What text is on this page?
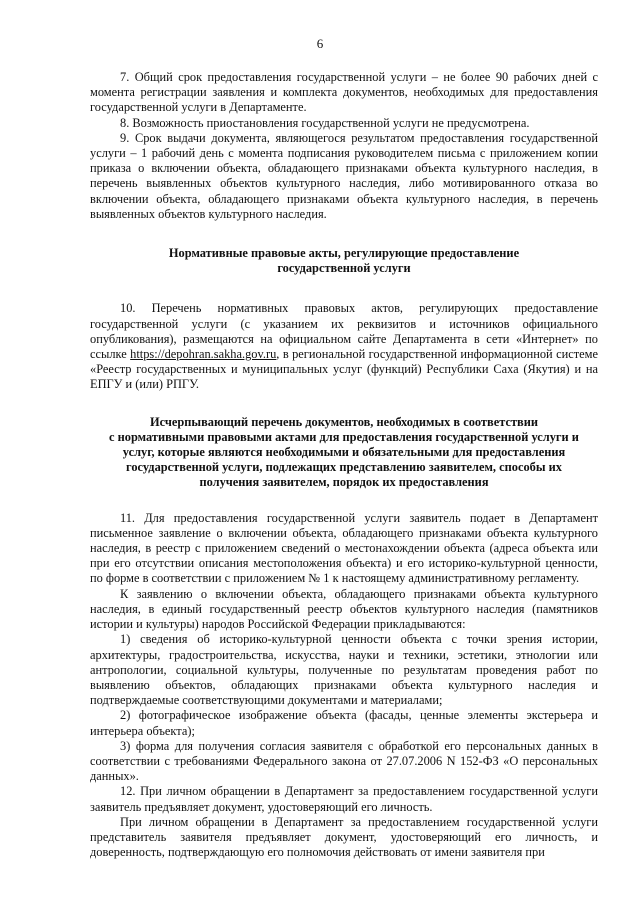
6

7. Общий срок предоставления государственной услуги – не более 90 рабочих дней с момента регистрации заявления и комплекта документов, необходимых для предоставления государственной услуги в Департаменте.

8. Возможность приостановления государственной услуги не предусмотрена.

9. Срок выдачи документа, являющегося результатом предоставления государственной услуги – 1 рабочий день с момента подписания руководителем письма с приложением копии приказа о включении объекта, обладающего признаками объекта культурного наследия, в перечень выявленных объектов культурного наследия, либо мотивированного отказа во включении объекта, обладающего признаками объекта культурного наследия, в перечень выявленных объектов культурного наследия.

Нормативные правовые акты, регулирующие предоставление
государственной услуги

10. Перечень нормативных правовых актов, регулирующих предоставление государственной услуги (с указанием их реквизитов и источников официального опубликования), размещаются на официальном сайте Департамента в сети «Интернет» по ссылке https://depohran.sakha.gov.ru, в региональной государственной информационной системе «Реестр государственных и муниципальных услуг (функций) Республики Саха (Якутия) и на ЕПГУ и (или) РПГУ.

Исчерпывающий перечень документов, необходимых в соответствии
с нормативными правовыми актами для предоставления государственной услуги и
услуг, которые являются необходимыми и обязательными для предоставления
государственной услуги, подлежащих представлению заявителем, способы их
получения заявителем, порядок их предоставления

11. Для предоставления государственной услуги заявитель подает в Департамент письменное заявление о включении объекта, обладающего признаками объекта культурного наследия, в реестр с приложением сведений о местонахождении объекта (адреса объекта или при его отсутствии описания местоположения объекта) и его историко-культурной ценности, по форме в соответствии с приложением № 1 к настоящему административному регламенту.

К заявлению о включении объекта, обладающего признаками объекта культурного наследия, в единый государственный реестр объектов культурного наследия (памятников истории и культуры) народов Российской Федерации прикладываются:

1) сведения об историко-культурной ценности объекта с точки зрения истории, архитектуры, градостроительства, искусства, науки и техники, эстетики, этнологии или антропологии, социальной культуры, полученные по результатам проведения работ по выявлению объектов, обладающих признаками объекта культурного наследия и подтверждаемые соответствующими документами и материалами;

2) фотографическое изображение объекта (фасады, ценные элементы экстерьера и интерьера объекта);

3) форма для получения согласия заявителя с обработкой его персональных данных в соответствии с требованиями Федерального закона от 27.07.2006 N 152-ФЗ «О персональных данных».

12. При личном обращении в Департамент за предоставлением государственной услуги заявитель предъявляет документ, удостоверяющий его личность.

При личном обращении в Департамент за предоставлением государственной услуги представитель заявителя предъявляет документ, удостоверяющий его личность, и доверенность, подтверждающую его полномочия действовать от имени заявителя при
